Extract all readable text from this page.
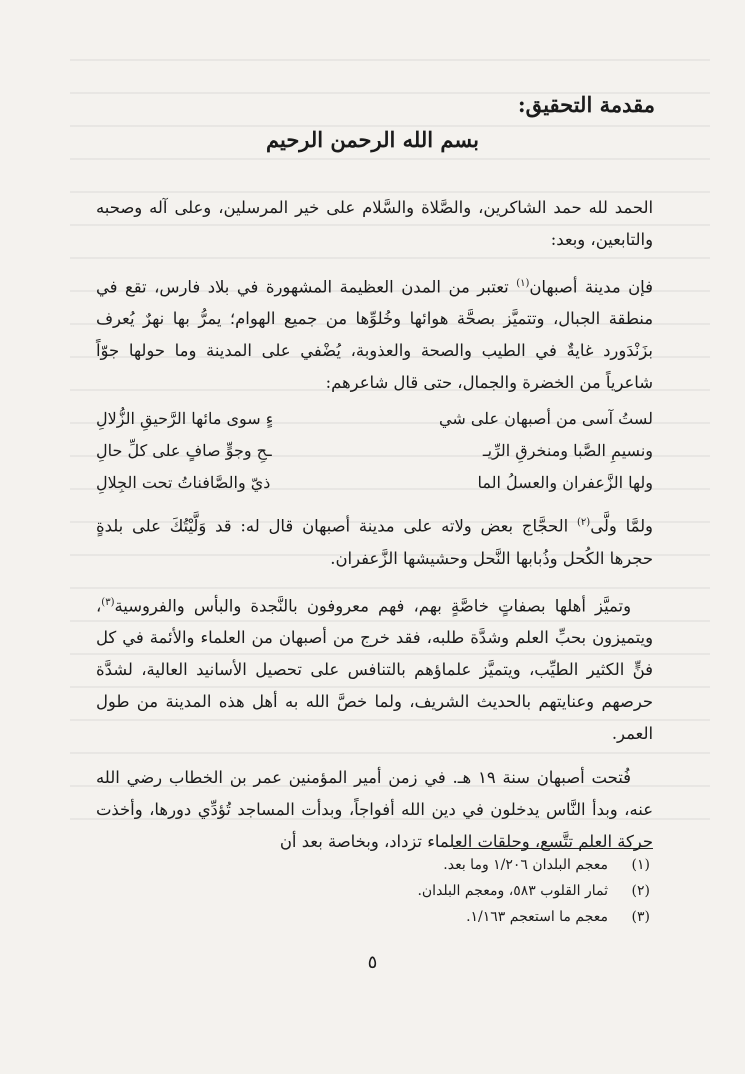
مقدمة التحقيق:
بسم الله الرحمن الرحيم

الحمد لله حمد الشاكرين، والصَّلاة والسَّلام على خير المرسلين، وعلى آله وصحبه والتابعين، وبعد:

فإن مدينة أصبهان$^{(١)}$ تعتبر من المدن العظيمة المشهورة في بلاد فارس، تقع في منطقة الجبال، وتتميَّز بصحَّة هوائها وخُلوِّها من جميع الهوام؛ يمرُّ بها نهرٌ يُعرف بزَنْدَورد غايةٌ في الطيب والصحة والعذوبة، يُضْفي على المدينة وما حولها جوّاً شاعرياً من الخضرة والجمال، حتى قال شاعرهم:

لستُ آسى من أصبهان على شي
ءٍ سوى مائها الرَّحيقِ الزُّلالِ
ونسيمِ الصَّبا ومنخرقِ الرِّيـ
ـحِ وجوٍّ صافٍ على كلِّ حالِ
ولها الزَّعفران والعسلُ الما
ذيّ والصَّافناتُ تحت الجِلالِ

ولمَّا ولَّى$^{(٢)}$ الحجَّاج بعض ولاته على مدينة أصبهان قال له: قد وَلَّيْتُكَ على بلدةٍ حجرها الكُحل وذُبابها النَّحل وحشيشها الزَّعفران.

وتميَّز أهلها بصفاتٍ خاصَّةٍ بهم، فهم معروفون بالنَّجدة والبأس والفروسية$^{(٣)}$، ويتميزون بحبِّ العلم وشدَّة طلبه، فقد خرج من أصبهان من العلماء والأئمة في كل فنٍّ الكثير الطيِّب، ويتميَّز علماؤهم بالتنافس على تحصيل الأسانيد العالية، لشدَّة حرصهم وعنايتهم بالحديث الشريف، ولما خصَّ الله به أهل هذه المدينة من طول العمر.

فُتحت أصبهان سنة ١٩ هـ. في زمن أمير المؤمنين عمر بن الخطاب رضي الله عنه، وبدأ النَّاس يدخلون في دين الله أفواجاً، وبدأت المساجد تُؤدِّي دورها، وأخذت حركة العلم تتَّسع، وحلقات العلماء تزداد، وبخاصة بعد أن

(١)
معجم البلدان ١/٢٠٦ وما بعد.
(٢)
ثمار القلوب ٥٨٣، ومعجم البلدان.
(٣)
معجم ما استعجم ١/١٦٣.
٥
